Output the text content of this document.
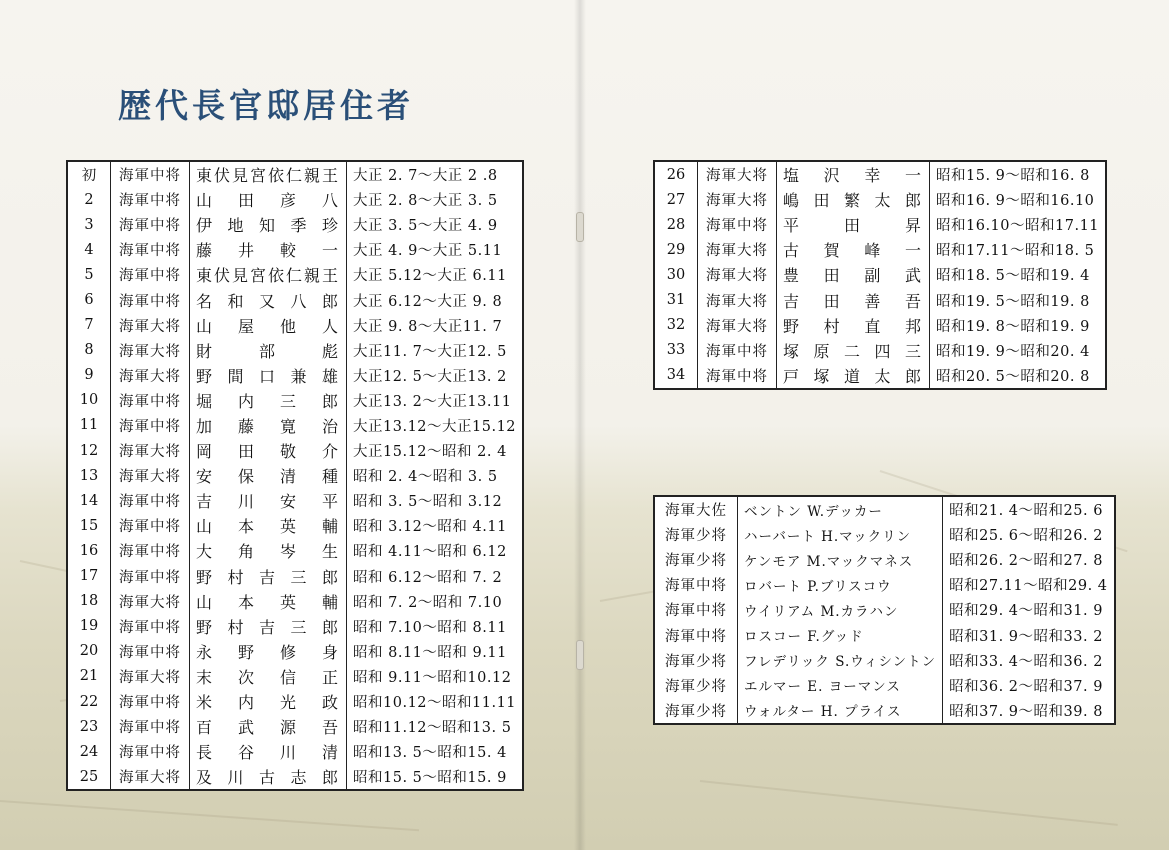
歴代長官邸居住者
初	海軍中将	東伏見宮依仁親王	大正 2. 7〜大正 2 .8
2	海軍中将	山田彦八	大正 2. 8〜大正 3. 5
3	海軍中将	伊地知季珍	大正 3. 5〜大正 4. 9
4	海軍中将	藤井較一	大正 4. 9〜大正 5.11
5	海軍中将	東伏見宮依仁親王	大正 5.12〜大正 6.11
6	海軍中将	名和又八郎	大正 6.12〜大正 9. 8
7	海軍大将	山屋他人	大正 9. 8〜大正11. 7
8	海軍大将	財部彪	大正11. 7〜大正12. 5
9	海軍大将	野間口兼雄	大正12. 5〜大正13. 2
10	海軍中将	堀内三郎	大正13. 2〜大正13.11
11	海軍中将	加藤寛治	大正13.12〜大正15.12
12	海軍大将	岡田敬介	大正15.12〜昭和 2. 4
13	海軍大将	安保清種	昭和 2. 4〜昭和 3. 5
14	海軍中将	吉川安平	昭和 3. 5〜昭和 3.12
15	海軍中将	山本英輔	昭和 3.12〜昭和 4.11
16	海軍中将	大角岑生	昭和 4.11〜昭和 6.12
17	海軍中将	野村吉三郎	昭和 6.12〜昭和 7. 2
18	海軍大将	山本英輔	昭和 7. 2〜昭和 7.10
19	海軍中将	野村吉三郎	昭和 7.10〜昭和 8.11
20	海軍中将	永野修身	昭和 8.11〜昭和 9.11
21	海軍大将	末次信正	昭和 9.11〜昭和10.12
22	海軍中将	米内光政	昭和10.12〜昭和11.11
23	海軍中将	百武源吾	昭和11.12〜昭和13. 5
24	海軍中将	長谷川清	昭和13. 5〜昭和15. 4
25	海軍大将	及川古志郎	昭和15. 5〜昭和15. 9
26	海軍大将	塩沢幸一	昭和15. 9〜昭和16. 8
27	海軍大将	嶋田繁太郎	昭和16. 9〜昭和16.10
28	海軍中将	平田昇	昭和16.10〜昭和17.11
29	海軍大将	古賀峰一	昭和17.11〜昭和18. 5
30	海軍大将	豊田副武	昭和18. 5〜昭和19. 4
31	海軍大将	吉田善吾	昭和19. 5〜昭和19. 8
32	海軍大将	野村直邦	昭和19. 8〜昭和19. 9
33	海軍中将	塚原二四三	昭和19. 9〜昭和20. 4
34	海軍中将	戸塚道太郎	昭和20. 5〜昭和20. 8
海軍大佐	ベントン W.デッカー	昭和21. 4〜昭和25. 6
海軍少将	ハーバート H.マックリン	昭和25. 6〜昭和26. 2
海軍少将	ケンモア M.マックマネス	昭和26. 2〜昭和27. 8
海軍中将	ロバート P.ブリスコウ	昭和27.11〜昭和29. 4
海軍中将	ウイリアム M.カラハン	昭和29. 4〜昭和31. 9
海軍中将	ロスコー F.グッド	昭和31. 9〜昭和33. 2
海軍少将	フレデリック S.ウィシントン	昭和33. 4〜昭和36. 2
海軍少将	エルマー E. ヨーマンス	昭和36. 2〜昭和37. 9
海軍少将	ウォルター H. プライス	昭和37. 9〜昭和39. 8
